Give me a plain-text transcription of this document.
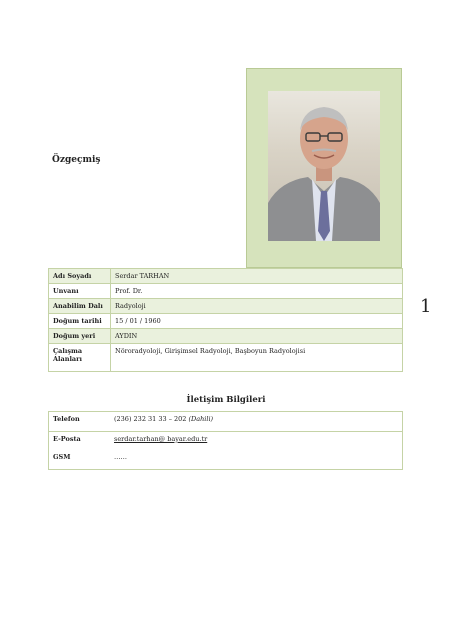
Özgeçmiş
Adı Soyadı	Serdar TARHAN
Unvanı	Prof. Dr.
Anabilim Dalı	Radyoloji
Doğum tarihi	15 / 01 / 1960
Doğum yeri	AYDIN
Çalışma Alanları	Nöroradyoloji, Girişimsel Radyoloji, Başboyun Radyolojisi
1
İletişim Bilgileri
Telefon	(236) 232 31 33 – 202 (Dahili)
E-Posta	serdar.tarhan@ bayar.edu.tr
GSM	……
